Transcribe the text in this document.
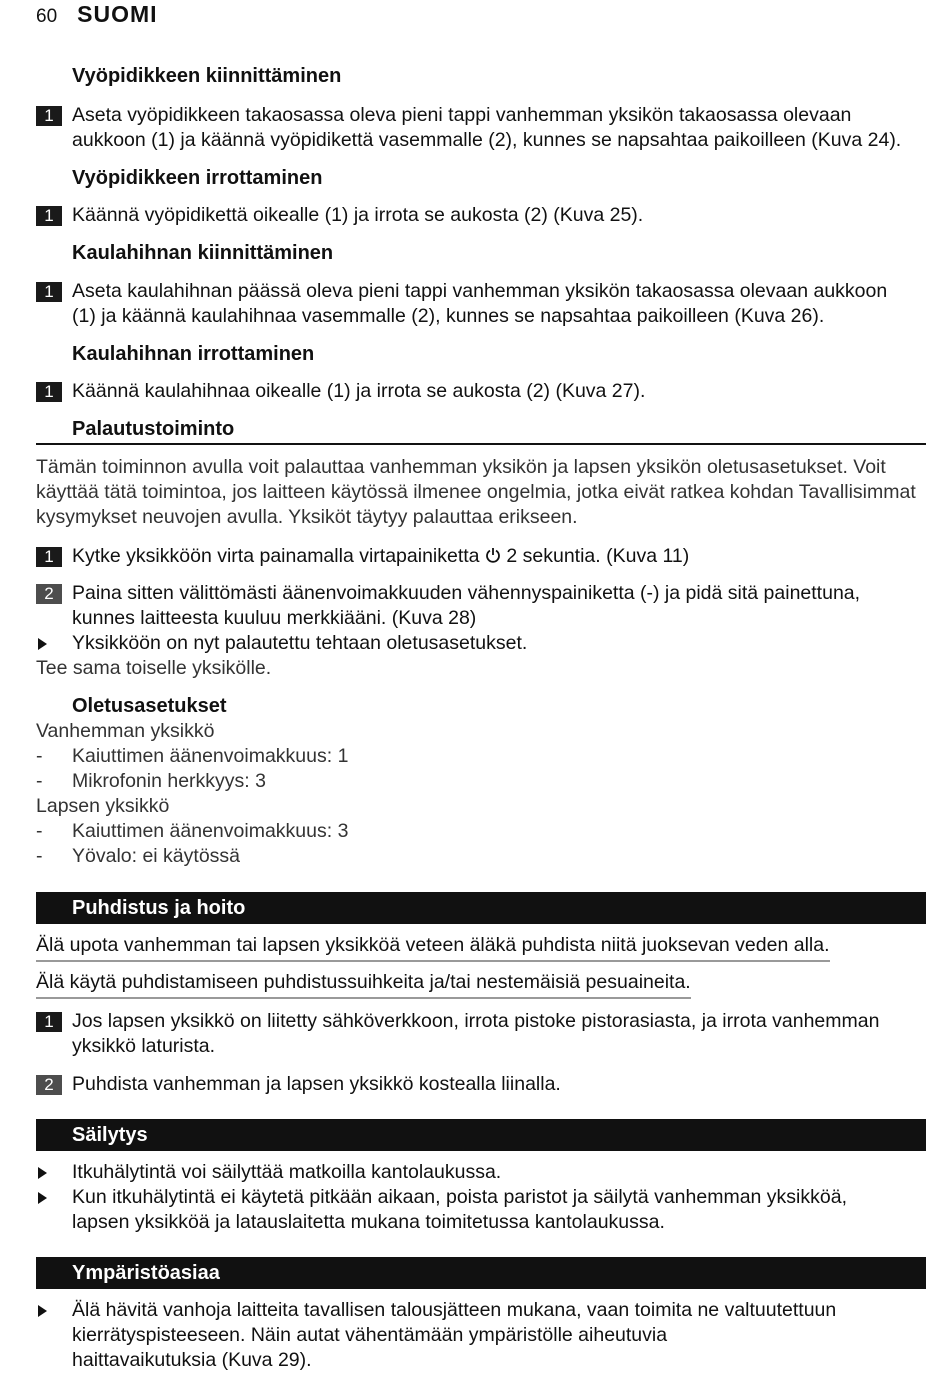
60 SUOMI
Vyöpidikkeen kiinnittäminen
1 Aseta vyöpidikkeen takaosassa oleva pieni tappi vanhemman yksikön takaosassa olevaan
aukkoon (1) ja käännä vyöpidikettä vasemmalle (2), kunnes se napsahtaa paikoilleen (Kuva 24).
Vyöpidikkeen irrottaminen
1 Käännä vyöpidikettä oikealle (1) ja irrota se aukosta (2) (Kuva 25).
Kaulahihnan kiinnittäminen
1 Aseta kaulahihnan päässä oleva pieni tappi vanhemman yksikön takaosassa olevaan aukkoon
(1) ja käännä kaulahihnaa vasemmalle (2), kunnes se napsahtaa paikoilleen (Kuva 26).
Kaulahihnan irrottaminen
1 Käännä kaulahihnaa oikealle (1) ja irrota se aukosta (2) (Kuva 27).
Palautustoiminto
Tämän toiminnon avulla voit palauttaa vanhemman yksikön ja lapsen yksikön oletusasetukset. Voit
käyttää tätä toimintoa, jos laitteen käytössä ilmenee ongelmia, jotka eivät ratkea kohdan Tavallisimmat
kysymykset neuvojen avulla. Yksiköt täytyy palauttaa erikseen.
1 Kytke yksikköön virta painamalla virtapainiketta 2 sekuntia. (Kuva 11)
2 Paina sitten välittömästi äänenvoimakkuuden vähennyspainiketta (-) ja pidä sitä painettuna,
kunnes laitteesta kuuluu merkkiääni. (Kuva 28)
Yksikköön on nyt palautettu tehtaan oletusasetukset.
Tee sama toiselle yksikölle.
Oletusasetukset
Vanhemman yksikkö
- Kaiuttimen äänenvoimakkuus: 1
- Mikrofonin herkkyys: 3
Lapsen yksikkö
- Kaiuttimen äänenvoimakkuus: 3
- Yövalo: ei käytössä
Puhdistus ja hoito
Älä upota vanhemman tai lapsen yksikköä veteen äläkä puhdista niitä juoksevan veden alla.
Älä käytä puhdistamiseen puhdistussuihkeita ja/tai nestemäisiä pesuaineita.
1 Jos lapsen yksikkö on liitetty sähköverkkoon, irrota pistoke pistorasiasta, ja irrota vanhemman
yksikkö laturista.
2 Puhdista vanhemman ja lapsen yksikkö kostealla liinalla.
Säilytys
Itkuhälytintä voi säilyttää matkoilla kantolaukussa.
Kun itkuhälytintä ei käytetä pitkään aikaan, poista paristot ja säilytä vanhemman yksikköä,
lapsen yksikköä ja latauslaitetta mukana toimitetussa kantolaukussa.
Ympäristöasiaa
Älä hävitä vanhoja laitteita tavallisen talousjätteen mukana, vaan toimita ne valtuutettuun
kierrätyspisteeseen. Näin autat vähentämään ympäristölle aiheutuvia
haittavaikutuksia (Kuva 29).
